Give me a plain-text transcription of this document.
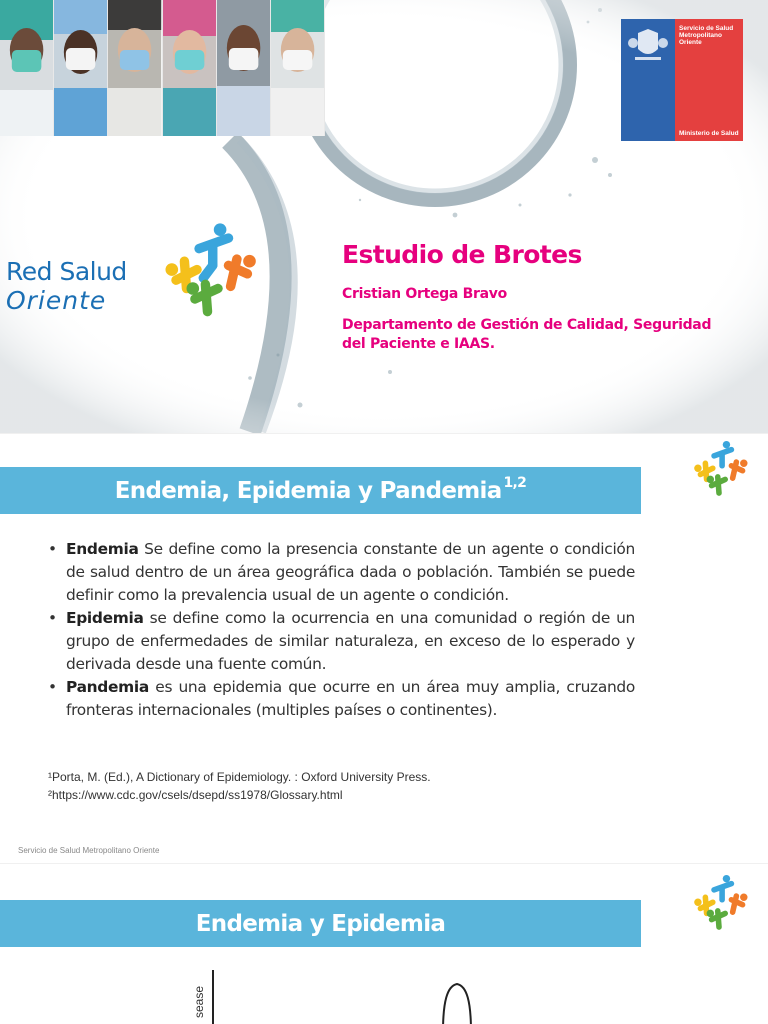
Servicio de Salud Metropolitano Oriente
Ministerio de Salud
Red Salud
Oriente
Estudio de Brotes
Cristian Ortega Bravo
Departamento de Gestión de Calidad, Seguridad del Paciente e IAAS.
Endemia, Epidemia y Pandemia$^{1,2}$
• Endemia Se define como la presencia constante de un agente o condición de salud dentro de un área geográfica dada o población. También se puede definir como la prevalencia usual de un agente o condición.
• Epidemia se define como la ocurrencia en una comunidad o región de un grupo de enfermedades de similar naturaleza, en exceso de lo esperado y derivada desde una fuente común.
• Pandemia es una epidemia que ocurre en un área muy amplia, cruzando fronteras internacionales (multiples países o continentes).
¹Porta, M. (Ed.), A Dictionary of Epidemiology. : Oxford University Press.
²https://www.cdc.gov/csels/dsepd/ss1978/Glossary.html
Servicio de Salud Metropolitano Oriente
Endemia y Epidemia
sease
